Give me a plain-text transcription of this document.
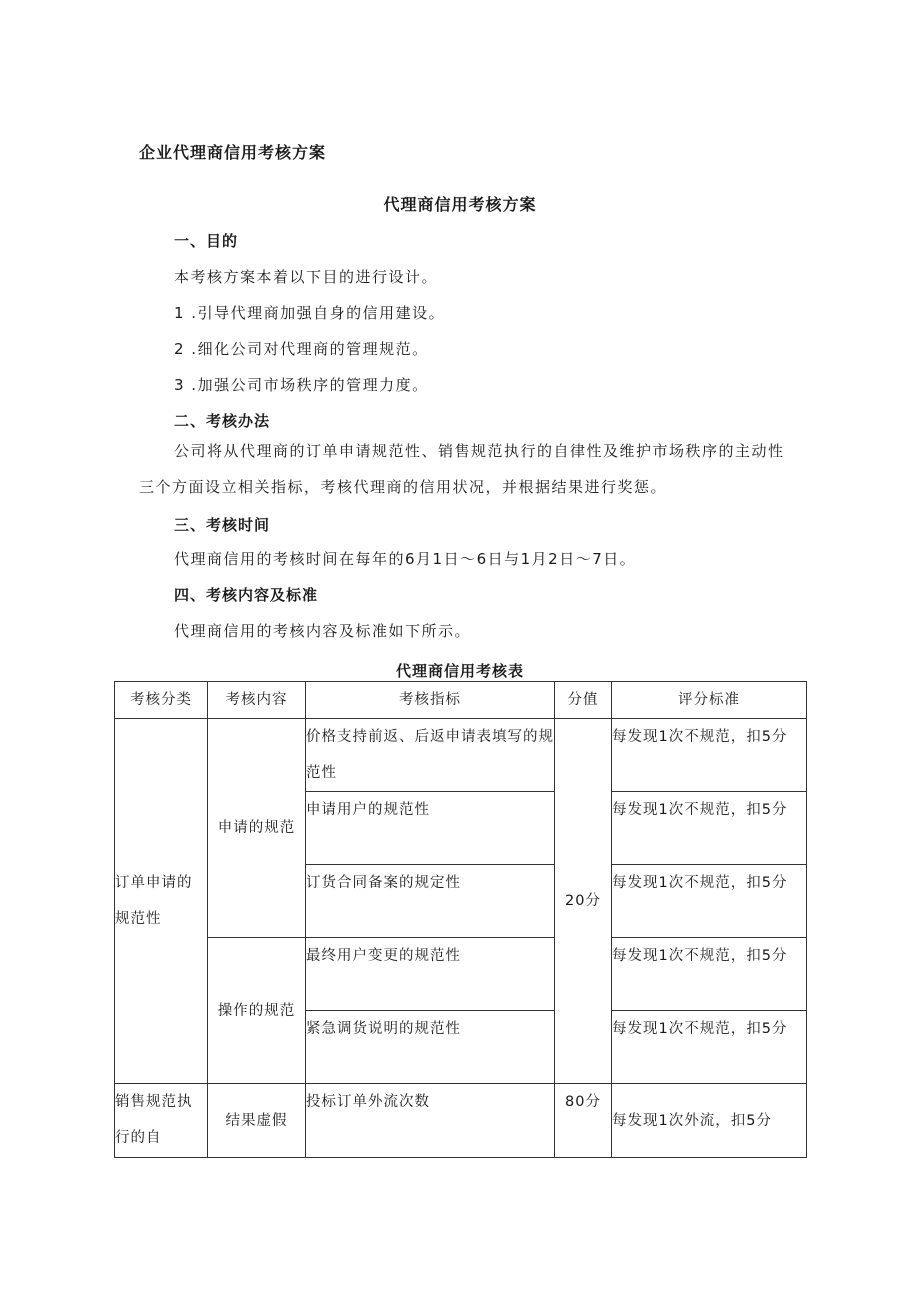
企业代理商信用考核方案
代理商信用考核方案
一、目的
本考核方案本着以下目的进行设计。
1 .引导代理商加强自身的信用建设。
2 .细化公司对代理商的管理规范。
3 .加强公司市场秩序的管理力度。
二、考核办法
公司将从代理商的订单申请规范性、销售规范执行的自律性及维护市场秩序的主动性
三个方面设立相关指标，考核代理商的信用状况，并根据结果进行奖惩。
三、考核时间
代理商信用的考核时间在每年的6月1日～6日与1月2日～7日。
四、考核内容及标准
代理商信用的考核内容及标准如下所示。
代理商信用考核表
考核分类	考核内容	考核指标	分值	评分标准
订单申请的规范性	申请的规范	价格支持前返、后返申请表填写的规范性	20分	每发现1次不规范，扣5分
		申请用户的规范性		每发现1次不规范，扣5分
		订货合同备案的规定性		每发现1次不规范，扣5分
	操作的规范	最终用户变更的规范性		每发现1次不规范，扣5分
		紧急调货说明的规范性		每发现1次不规范，扣5分
销售规范执行的自	结果虚假	投标订单外流次数	80分	每发现1次外流，扣5分
